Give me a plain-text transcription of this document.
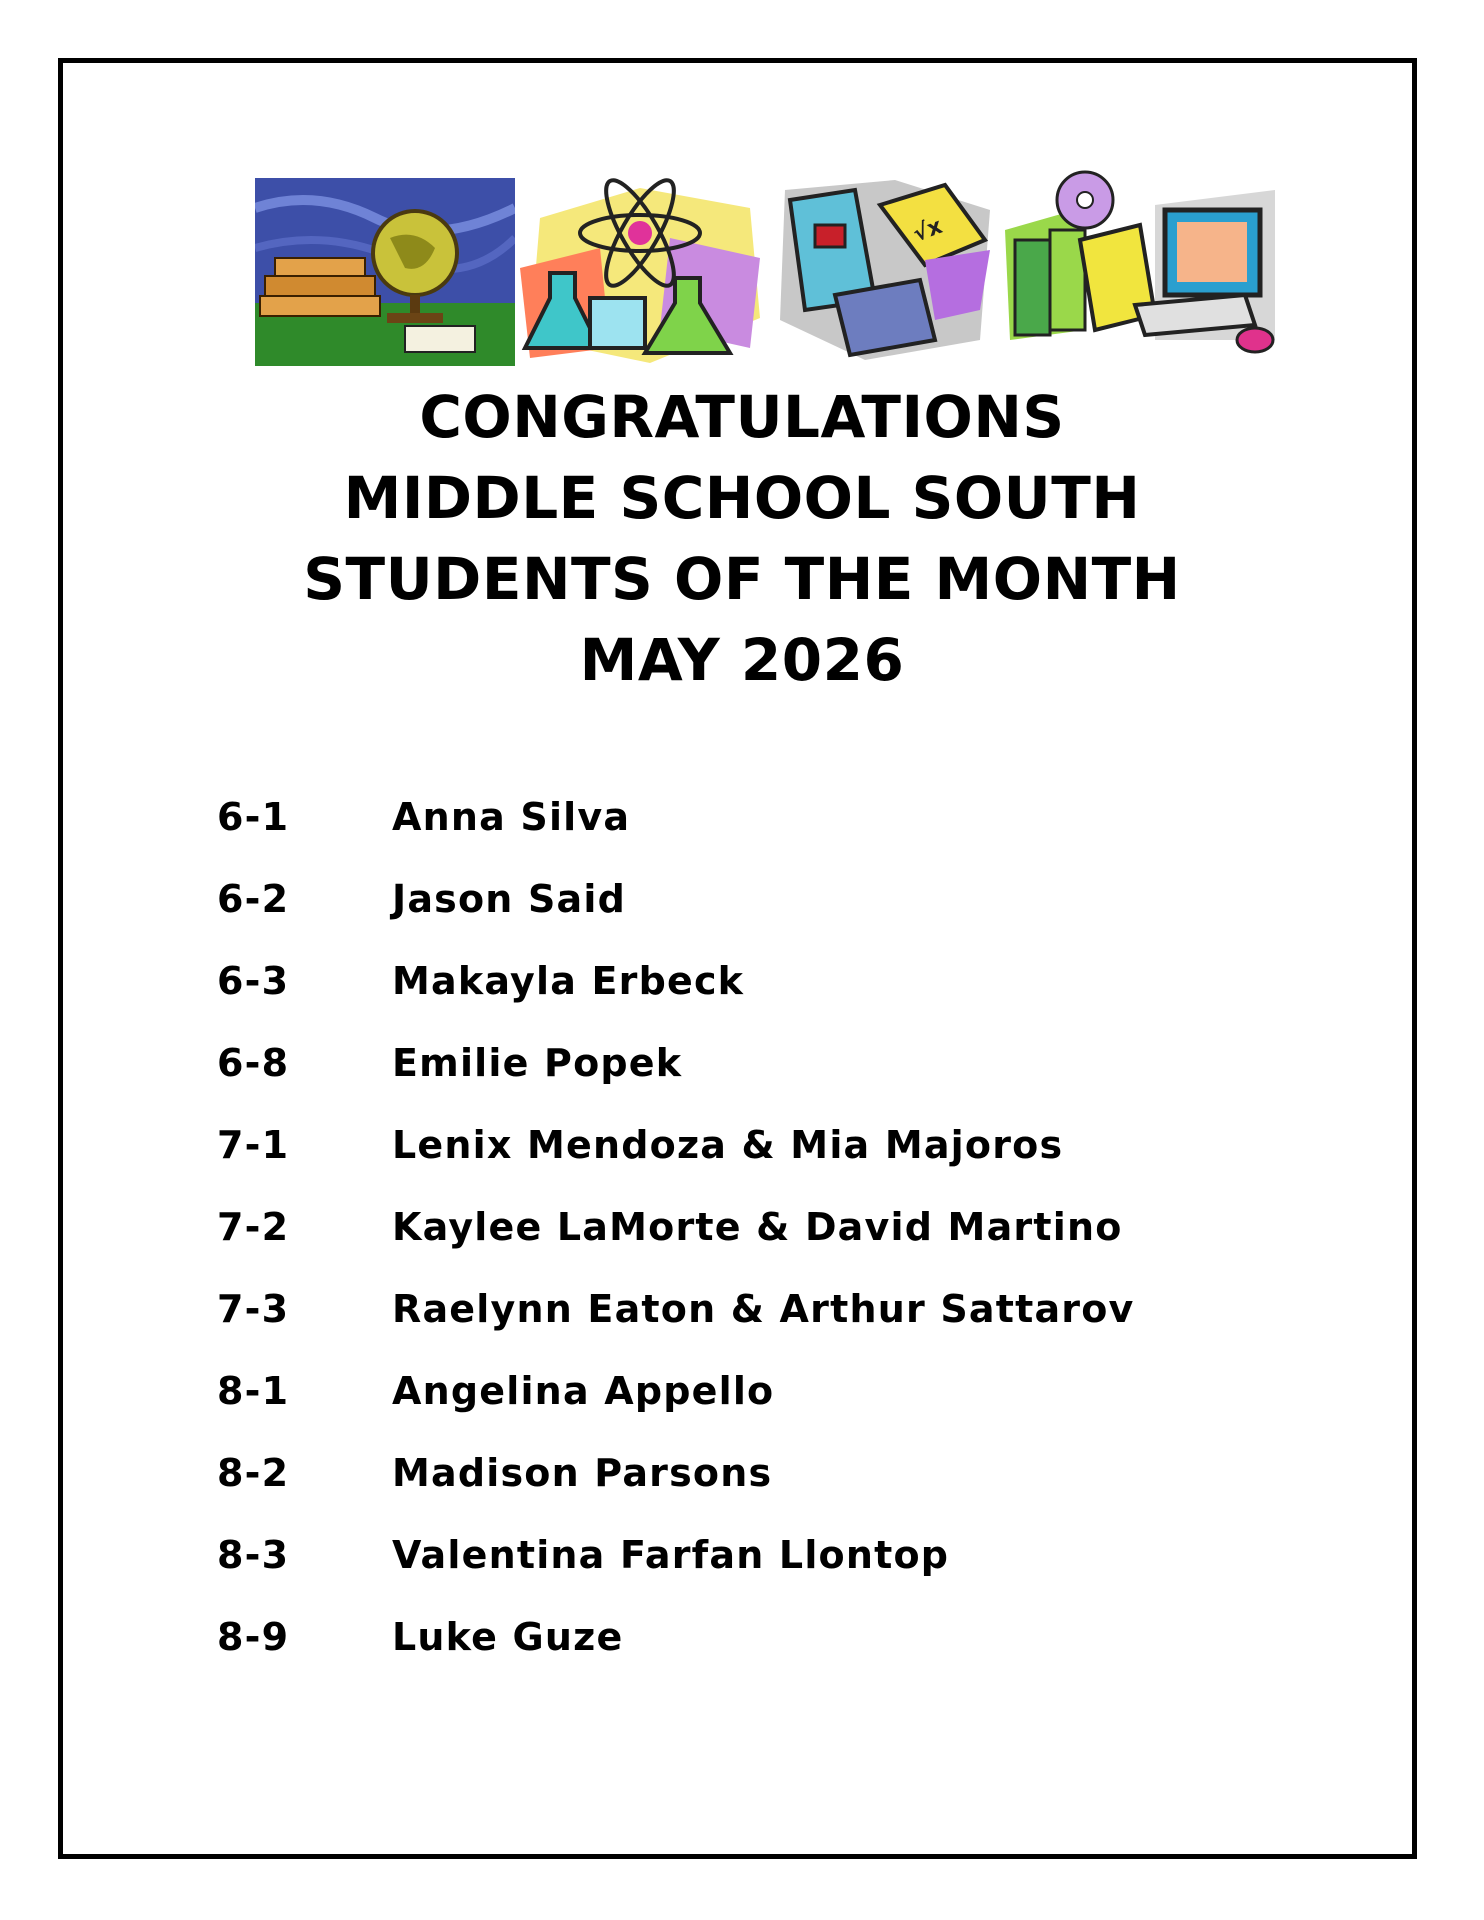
√x
CONGRATULATIONS
MIDDLE SCHOOL SOUTH
STUDENTS OF THE MONTH
MAY 2026
6-1	Anna Silva
6-2	Jason Said
6-3	Makayla Erbeck
6-8	Emilie Popek
7-1	Lenix Mendoza & Mia Majoros
7-2	Kaylee LaMorte & David Martino
7-3	Raelynn Eaton & Arthur Sattarov
8-1	Angelina Appello
8-2	Madison Parsons
8-3	Valentina Farfan Llontop
8-9	Luke Guze
